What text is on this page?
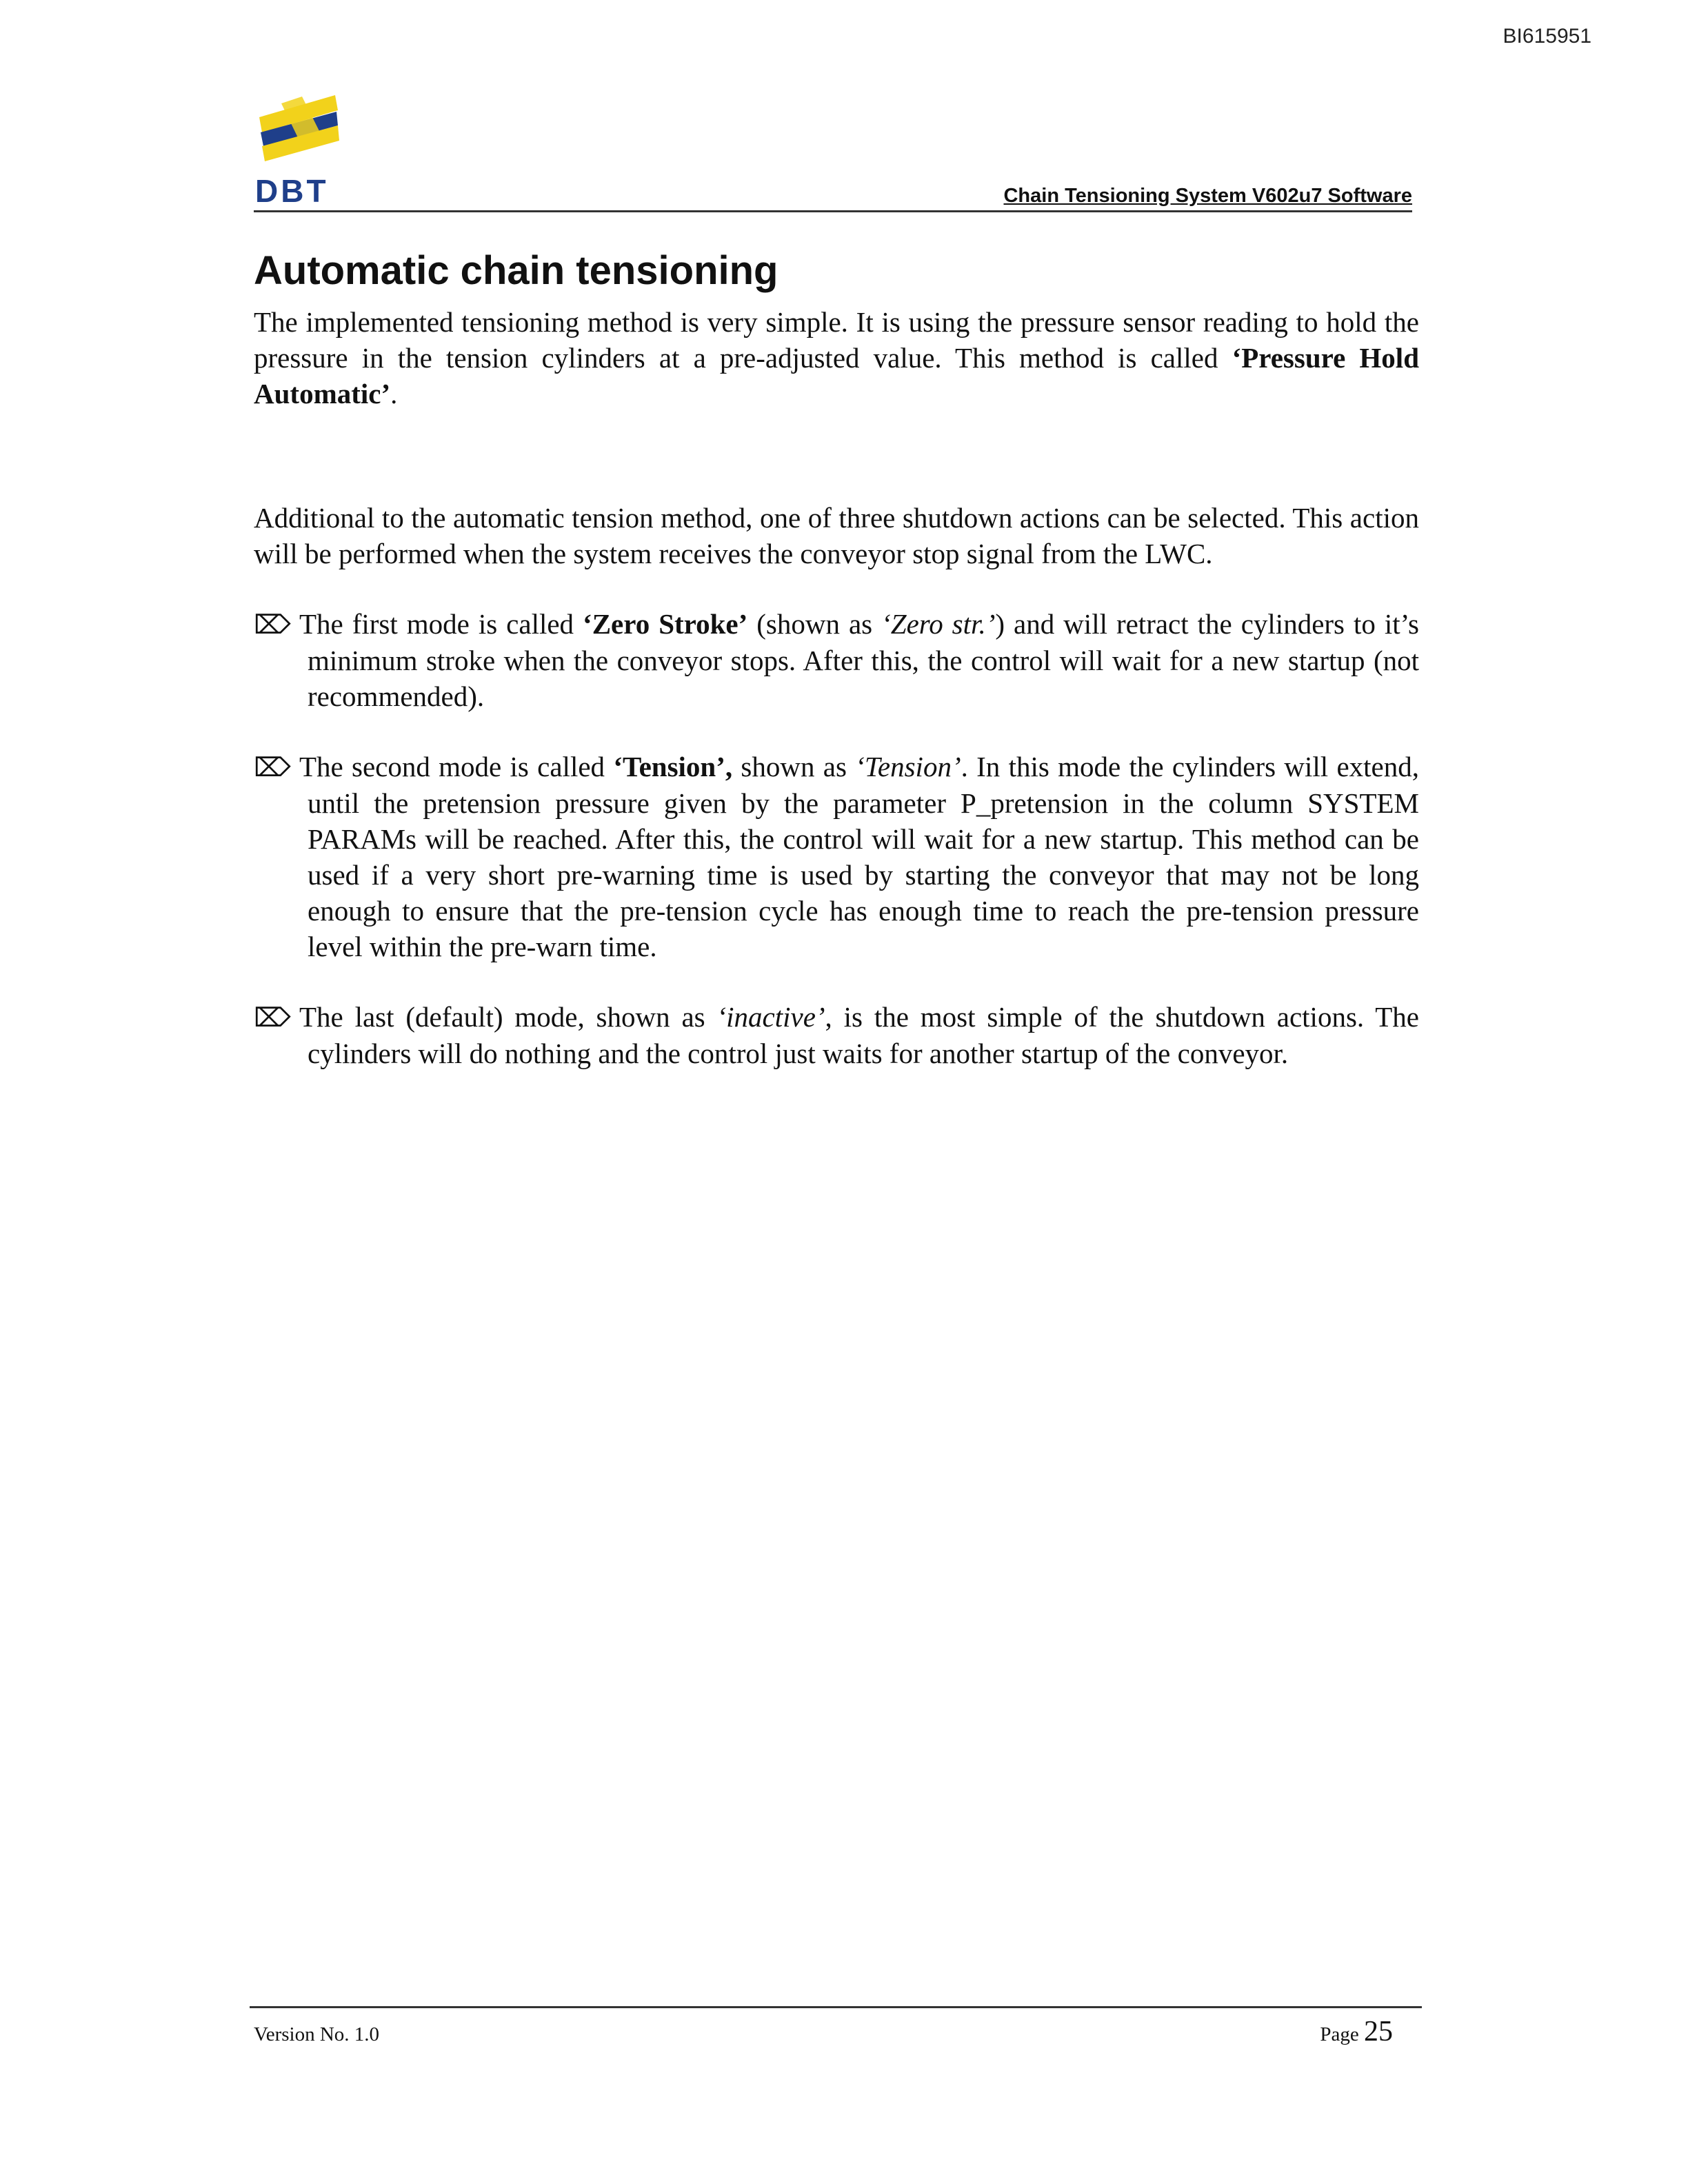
BI615951
DBT	Chain Tensioning System V602u7 Software
Automatic chain tensioning

The implemented tensioning method is very simple. It is using the pressure sensor reading to hold the pressure in the tension cylinders at a pre-adjusted value. This method is called ‘Pressure Hold Automatic’.

Additional to the automatic tension method, one of three shutdown actions can be selected. This action will be performed when the system receives the conveyor stop signal from the LWC.

⌦ The first mode is called ‘Zero Stroke’ (shown as ‘Zero str.’) and will retract the cylinders to it’s minimum stroke when the conveyor stops. After this, the control will wait for a new startup (not recommended).

⌦ The second mode is called ‘Tension’, shown as ‘Tension’. In this mode the cylinders will extend, until the pretension pressure given by the parameter P_pretension in the column SYSTEM PARAMs will be reached. After this, the control will wait for a new startup. This method can be used if a very short pre-warning time is used by starting the conveyor that may not be long enough to ensure that the pre-tension cycle has enough time to reach the pre-tension pressure level within the pre-warn time.

⌦ The last (default) mode, shown as ‘inactive’, is the most simple of the shutdown actions. The cylinders will do nothing and the control just waits for another startup of the conveyor.

Version No. 1.0	Page 25
